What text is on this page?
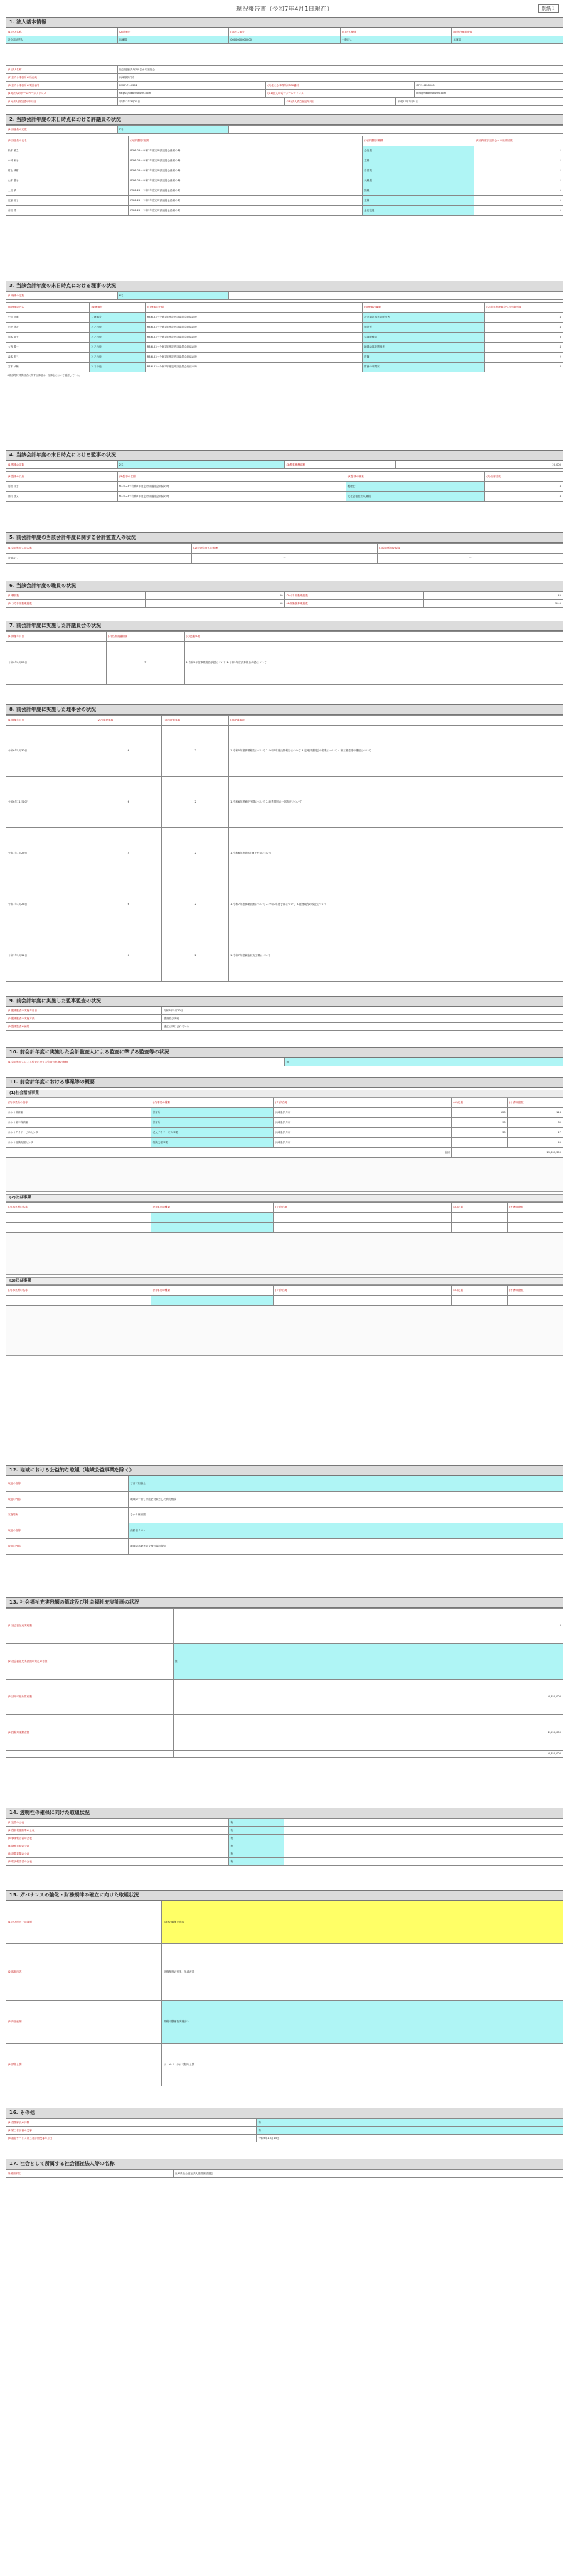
現況報告書（令和7年4月1日現在）	別紙１
1. 法人基本情報
(1)法人名称	(2)所轄庁	(3)法人番号	(4)法人種別	(5)所在都道府県
社会福祉法人	兵庫県	0000000000000	一般法人	兵庫県
(1)法人名称	社会福祉法人伊丹ひかり福祉会		
(7)主たる事務所の所在地	兵庫県伊丹市		
(8)主たる事務所の電話番号	0727-71-0202	(9)主たる事務所のFAX番号	0727-62-8060
(10)法人のホームページアドレス	https://hikarifukushi.com	(11)法人の電子メールアドレス	info@hikarifukushi.com
(12)法人設立認可年月日	平成17年3月25日	(13)法人設立登記年月日	平成17年3月31日
2. 当該会計年度の末日時点における評議員の状況
(1)評議員の定数	7名	
(3)評議員の氏名	(4)評議員の任期	(5)評議員の職業	(6)前年度評議員会への出席回数
松本 敏之	R3.6.23～令和7年度定時評議員会終結の時	会社員	1
小林 和子	R3.6.23～令和7年度定時評議員会終結の時	主婦	1
村上 秀樹	R3.6.23～令和7年度定時評議員会終結の時	自営業	1
山本 節子	R3.6.23～令和7年度定時評議員会終結の時	元職員	1
上田 真	R3.6.23～令和7年度定時評議員会終結の時	無職	1
佐藤 裕子	R3.6.23～令和7年度定時評議員会終結の時	主婦	1
前田 博	R3.6.23～令和7年度定時評議員会終結の時	会社役員	1
3. 当該会計年度の末日時点における理事の状況
(1)理事の定数	6名	
(3)理事の氏名	(4)理事長	(5)理事の任期	(6)理事の職業	(7)前年度理事会への出席回数
中川 正明	1 理事長	R3.6.23～令和7年度定時評議員会終結の時	社会福祉事業の経営者	4
田中 美香	2 その他	R3.6.23～令和7年度定時評議員会終結の時	施設長	4
岡本 恵子	2 その他	R3.6.23～令和7年度定時評議員会終結の時	学識経験者	3
大西 健一	2 その他	R3.6.23～令和7年度定時評議員会終結の時	地域の福祉関係者	4
森本 恒三	2 その他	R3.6.23～令和7年度定時評議員会終結の時	医師	2
宮本 大輔	2 その他	R3.6.23～令和7年度定時評議員会終結の時	財務の専門家	4
※親族等特殊関係者に関する事項は、理事会において確認している。
4. 当該会計年度の末日時点における監事の状況
(1)監事の定数	2名	(3)監事報酬総額	20,000
(2)監事の氏名	(3)監事の任期	(4)監事の職業	(5)出席回数
岡田 洋士	R3.6.23～令和7年度定時評議員会終結の時	税理士	4
西村 康文	R3.6.23～令和7年度定時評議員会終結の時	元社会福祉法人職員	4
5. 前会計年度の当該会計年度に関する会計監査人の状況
(1)会計監査人の名称	(2)会計監査人の報酬	(3)会計監査の結果
設置なし	－	－
6. 当該会計年度の職員の状況
(1)職員数	60	(2)うち常勤職員数	42
(3)うち非常勤職員数	18	(4)常勤換算職員数	50.5
7. 前会計年度に実施した評議員会の状況
(1)開催年月日	(2)出席評議員数	(3)決議事項
令和6年6月20日	7	1.令和5年度事業報告承認について 2.令和5年度決算報告承認について
8. 前会計年度に実施した理事会の状況
(1)開催年月日	(2)出席理事数	(3)出席監事数	(4)決議事項
令和6年5月30日	6	2	1.令和5年度事業報告について 2.令和5年度決算報告について 3.定時評議員会の招集について 4.第三者委員の選任について
令和6年11月20日	6	2	1.令和6年度補正予算について 2.就業規則の一部改正について
令和7年1月29日	5	2	1.令和6年度第2次補正予算について
令和7年3月26日	6	2	1.令和7年度事業計画について 2.令和7年度予算について 3.経理規程の改正について
令和7年3月31日	6	2	1.令和7年度資金収支予算について
9. 前会計年度に実施した監事監査の状況
(1)監事監査の実施年月日	令和6年5月20日
(2)監事監査の実施方法	書面及び実地
(3)監事監査の結果	適正に執行されている
10. 前会計年度に実施した会計監査人による監査に準ずる監査等の状況
(1)会計監査人による監査に準ずる監査の実施の有無	無
11. 前会計年度における事業等の概要
(1)社会福祉事業
(ア)事業所の名称	(イ)事業の種類	(ウ)所在地	(エ)定員	(オ)利用者数
ひかり保育園	保育所	兵庫県伊丹市	120	118
ひかり第二保育園	保育所	兵庫県伊丹市	90	89
ひかりデイサービスセンター	老人デイサービス事業	兵庫県伊丹市	30	27
ひかり相談支援センター	相談支援事業	兵庫県伊丹市	－	45
合計			19,637,350	
(2)公益事業
(ア)事業所の名称	(イ)事業の種類	(ウ)所在地	(エ)定員	(オ)利用者数

(3)収益事業
(ア)事業所の名称	(イ)事業の種類	(ウ)所在地	(エ)定員	(オ)利用者数

12. 地域における公益的な取組（地域公益事業を除く）
取組の名称	子育て相談会
取組の内容	地域の子育て家庭を対象とした育児相談
実施場所	ひかり保育園
取組の名称	高齢者サロン
取組の内容	地域の高齢者の交流の場の提供
13. 社会福祉充実残額の算定及び社会福祉充実計画の状況
(1)社会福祉充実残額	0
(2)社会福祉充実計画の策定の有無	無
(3)活用可能な財産額	4,850,000
(4)控除対象財産額	2,550,000
	4,850,000
14. 透明性の確保に向けた取組状況
(1)定款の公表	有	
(2)役員報酬基準の公表	有	
(3)事業報告書の公表	有	
(4)財産目録の公表	有	
(5)計算書類の公表	有	
(6)現況報告書の公表	有	
15. ガバナンスの強化・財務規律の確立に向けた取組状況
(1)法人運営上の課題	人材の確保と育成
(2)取組内容	研修制度の充実、処遇改善
(3)内部統制	規程の整備を実施済み
(4)情報公開	ホームページにて随時公開
16. その他
(1)苦情解決の体制	有
(2)第三者評価の受審	有
(3)福祉サービス第三者評価受審年月日	令和6年10月15日
17. 社会として所属する社会福祉法人等の名称
所属団体名	兵庫県社会福祉法人経営者協議会
